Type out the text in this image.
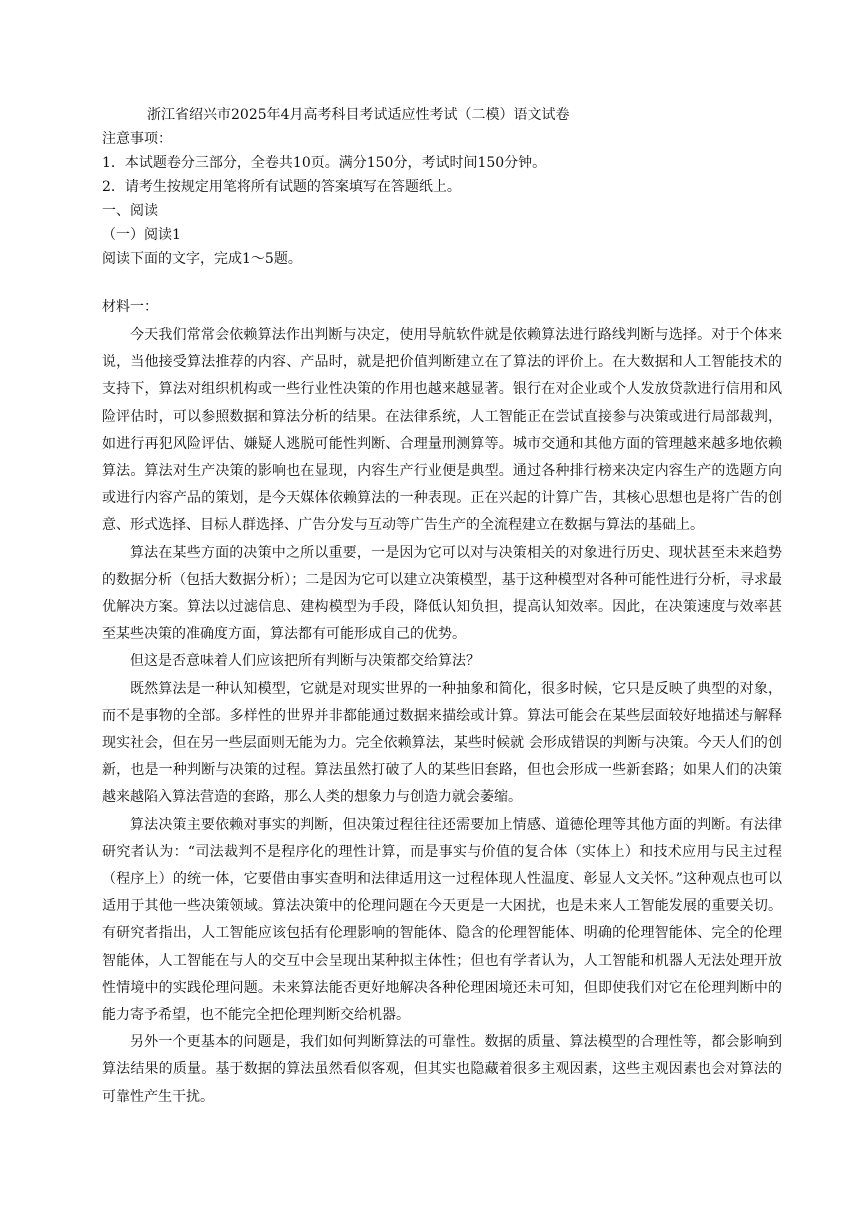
浙江省绍兴市2025年4月高考科目考试适应性考试（二模）语文试卷
注意事项：
1．本试题卷分三部分，全卷共10页。满分150分，考试时间150分钟。
2．请考生按规定用笔将所有试题的答案填写在答题纸上。
一、阅读
（一）阅读1
阅读下面的文字，完成1～5题。
材料一：

今天我们常常会依赖算法作出判断与决定，使用导航软件就是依赖算法进行路线判断与选择。对于个体来说，当他接受算法推荐的内容、产品时，就是把价值判断建立在了算法的评价上。在大数据和人工智能技术的支持下，算法对组织机构或一些行业性决策的作用也越来越显著。银行在对企业或个人发放贷款进行信用和风险评估时，可以参照数据和算法分析的结果。在法律系统，人工智能正在尝试直接参与决策或进行局部裁判，如进行再犯风险评估、嫌疑人逃脱可能性判断、合理量刑测算等。城市交通和其他方面的管理越来越多地依赖算法。算法对生产决策的影响也在显现，内容生产行业便是典型。通过各种排行榜来决定内容生产的选题方向或进行内容产品的策划，是今天媒体依赖算法的一种表现。正在兴起的计算广告，其核心思想也是将广告的创意、形式选择、目标人群选择、广告分发与互动等广告生产的全流程建立在数据与算法的基础上。

算法在某些方面的决策中之所以重要，一是因为它可以对与决策相关的对象进行历史、现状甚至未来趋势的数据分析（包括大数据分析）；二是因为它可以建立决策模型，基于这种模型对各种可能性进行分析，寻求最优解决方案。算法以过滤信息、建构模型为手段，降低认知负担，提高认知效率。因此，在决策速度与效率甚至某些决策的准确度方面，算法都有可能形成自己的优势。

但这是否意味着人们应该把所有判断与决策都交给算法？

既然算法是一种认知模型，它就是对现实世界的一种抽象和简化，很多时候，它只是反映了典型的对象，而不是事物的全部。多样性的世界并非都能通过数据来描绘或计算。算法可能会在某些层面较好地描述与解释现实社会，但在另一些层面则无能为力。完全依赖算法，某些时候就 会形成错误的判断与决策。今天人们的创新，也是一种判断与决策的过程。算法虽然打破了人的某些旧套路，但也会形成一些新套路；如果人们的决策越来越陷入算法营造的套路，那么人类的想象力与创造力就会萎缩。

算法决策主要依赖对事实的判断，但决策过程往往还需要加上情感、道德伦理等其他方面的判断。有法律研究者认为：“司法裁判不是程序化的理性计算，而是事实与价值的复合体（实体上）和技术应用与民主过程（程序上）的统一体，它要借由事实查明和法律适用这一过程体现人性温度、彰显人文关怀。”这种观点也可以适用于其他一些决策领域。算法决策中的伦理问题在今天更是一大困扰，也是未来人工智能发展的重要关切。有研究者指出，人工智能应该包括有伦理影响的智能体、隐含的伦理智能体、明确的伦理智能体、完全的伦理智能体，人工智能在与人的交互中会呈现出某种拟主体性；但也有学者认为，人工智能和机器人无法处理开放性情境中的实践伦理问题。未来算法能否更好地解决各种伦理困境还未可知，但即使我们对它在伦理判断中的能力寄予希望，也不能完全把伦理判断交给机器。

另外一个更基本的问题是，我们如何判断算法的可靠性。数据的质量、算法模型的合理性等，都会影响到算法结果的质量。基于数据的算法虽然看似客观，但其实也隐藏着很多主观因素，这些主观因素也会对算法的可靠性产生干扰。
